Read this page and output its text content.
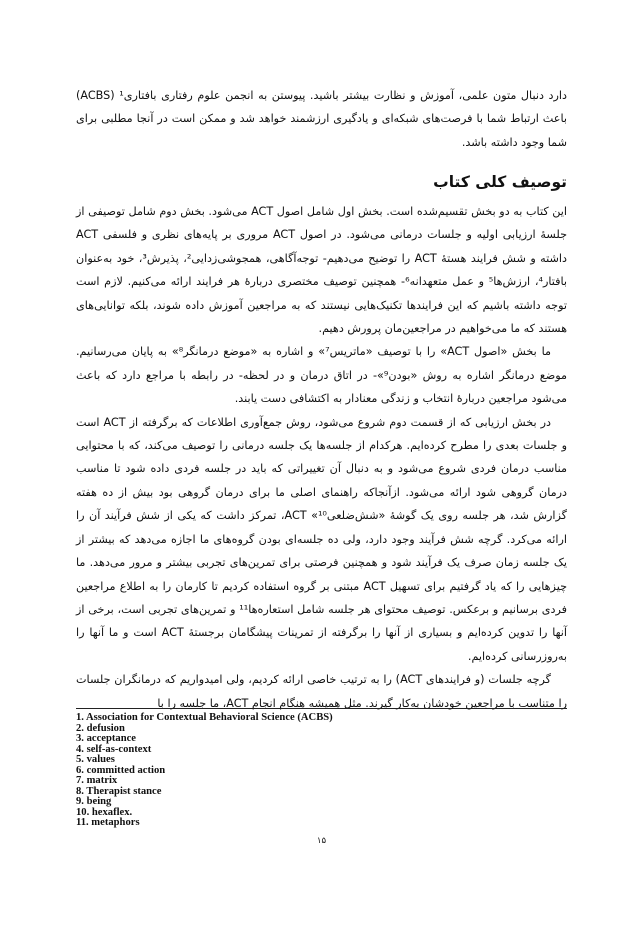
دارد دنبال متون علمی، آموزش و نظارت بیشتر باشید. پیوستن به انجمن علوم رفتاری بافتاری¹ (ACBS) باعث ارتباط شما با فرصت‌های شبکه‌ای و یادگیری ارزشمند خواهد شد و ممکن است در آنجا مطلبی برای شما وجود داشته باشد.
توصیف کلی کتاب

این کتاب به دو بخش تقسیم‌شده است. بخش اول شامل اصول ACT می‌شود. بخش دوم شامل توصیفی از جلسهٔ ارزیابی اولیه و جلسات درمانی می‌شود. در اصول ACT مروری بر پایه‌های نظری و فلسفی ACT داشته و شش فرایند هستهٔ ACT را توضیح می‌دهیم- توجه‌آگاهی، همجوشی‌زدایی²، پذیرش³، خود به‌عنوان بافتار⁴، ارزش‌ها⁵ و عمل متعهدانه⁶- همچنین توصیف مختصری دربارهٔ هر فرایند ارائه می‌کنیم. لازم است توجه داشته باشیم که این فرایندها تکنیک‌هایی نیستند که به مراجعین آموزش داده شوند، بلکه توانایی‌های هستند که ما می‌خواهیم در مراجعین‌مان پرورش دهیم.

ما بخش «اصول ACT» را با توصیف «ماتریس⁷» و اشاره به «موضع درمانگر⁸» به پایان می‌رسانیم. موضع درمانگر اشاره به روش «بودن⁹»- در اتاق درمان و در لحظه- در رابطه با مراجع دارد که باعث می‌شود مراجعین دربارهٔ انتخاب و زندگی معنادار به اکتشافی دست یابند.

در بخش ارزیابی که از قسمت دوم شروع می‌شود، روش جمع‌آوری اطلاعات که برگرفته از ACT است و جلسات بعدی را مطرح کرده‌ایم. هرکدام از جلسه‌ها یک جلسه درمانی را توصیف می‌کند، که با محتوایی مناسب درمان فردی شروع می‌شود و به دنبال آن تغییراتی که باید در جلسه فردی داده شود تا مناسب درمان گروهی شود ارائه می‌شود. ازآنجاکه راهنمای اصلی ما برای درمان گروهی بود بیش از ده هفته گزارش شد، هر جلسه روی یک گوشهٔ «شش‌ضلعی¹⁰» ACT، تمرکز داشت که یکی از شش فرآیند آن را ارائه می‌کرد. گرچه شش فرآیند وجود دارد، ولی ده جلسه‌ای بودن گروه‌های ما اجازه می‌دهد که بیشتر از یک جلسه زمان صرف یک فرآیند شود و همچنین فرصتی برای تمرین‌های تجربی بیشتر و مرور می‌دهد. ما چیزهایی را که یاد گرفتیم برای تسهیل ACT مبتنی بر گروه استفاده کردیم تا کارمان را به اطلاع مراجعین فردی برسانیم و برعکس. توصیف محتوای هر جلسه شامل استعاره‌ها¹¹ و تمرین‌های تجربی است، برخی از آنها را تدوین کرده‌ایم و بسیاری از آنها را برگرفته از تمرینات پیشگامان برجستهٔ ACT است و ما آنها را به‌روزرسانی کرده‌ایم.

گرچه جلسات (و فرایندهای ACT) را به ترتیب خاصی ارائه کردیم، ولی امیدواریم که درمانگران جلسات را متناسب با مراجعین خودشان به‌کار گیرند. مثل همیشه هنگام انجام ACT، ما جلسه را با

1. Association for Contextual Behavioral Science (ACBS)
2. defusion
3. acceptance
4. self-as-context
5. values
6. committed action
7. matrix
8. Therapist stance
9. being
10. hexaflex.
11. metaphors
۱۵
